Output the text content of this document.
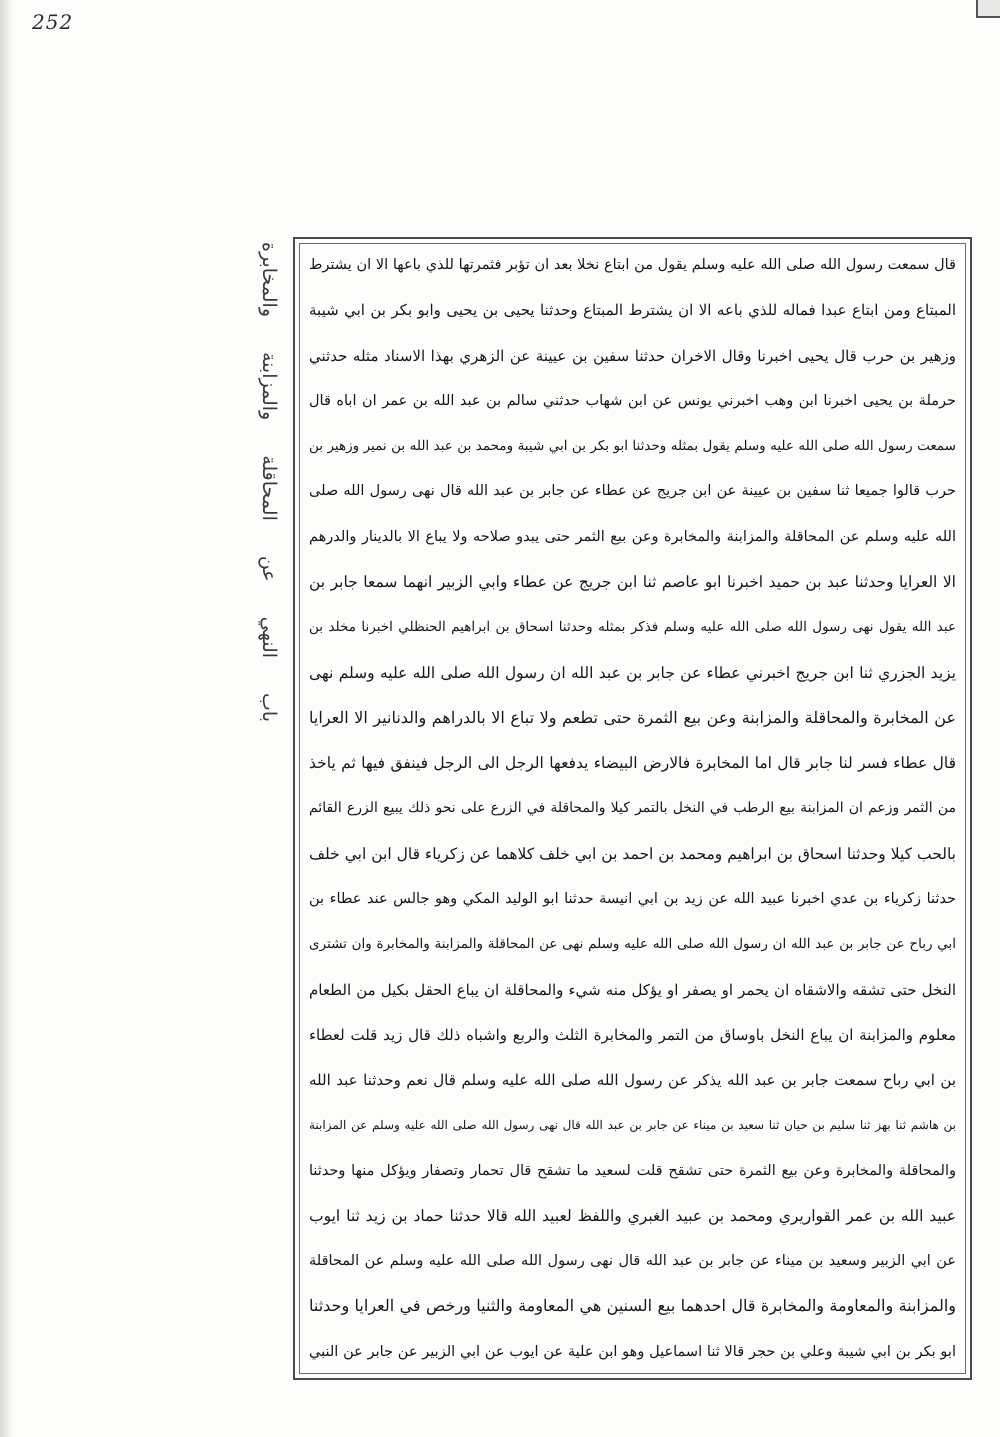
252
باب النهي عن المحاقلة والمزابنة والمخابرة قال سمعت رسول الله صلى الله عليه وسلم يقول من ابتاع نخلا بعد ان تؤبر فثمرتها للذي باعها الا ان يشترط
المبتاع ومن ابتاع عبدا فماله للذي باعه الا ان يشترط المبتاع وحدثنا يحيى بن يحيى وابو بكر بن ابي شيبة
وزهير بن حرب قال يحيى اخبرنا وقال الاخران حدثنا سفين بن عيينة عن الزهري بهذا الاسناد مثله حدثني
حرملة بن يحيى اخبرنا ابن وهب اخبرني يونس عن ابن شهاب حدثني سالم بن عبد الله بن عمر ان اباه قال
سمعت رسول الله صلى الله عليه وسلم يقول بمثله وحدثنا ابو بكر بن ابي شيبة ومحمد بن عبد الله بن نمير وزهير بن
حرب قالوا جميعا ثنا سفين بن عيينة عن ابن جريج عن عطاء عن جابر بن عبد الله قال نهى رسول الله صلى
الله عليه وسلم عن المحاقلة والمزابنة والمخابرة وعن بيع الثمر حتى يبدو صلاحه ولا يباع الا بالدينار والدرهم
الا العرايا وحدثنا عبد بن حميد اخبرنا ابو عاصم ثنا ابن جريج عن عطاء وابي الزبير انهما سمعا جابر بن
عبد الله يقول نهى رسول الله صلى الله عليه وسلم فذكر بمثله وحدثنا اسحاق بن ابراهيم الحنظلي اخبرنا مخلد بن
يزيد الجزري ثنا ابن جريج اخبرني عطاء عن جابر بن عبد الله ان رسول الله صلى الله عليه وسلم نهى
عن المخابرة والمحاقلة والمزابنة وعن بيع الثمرة حتى تطعم ولا تباع الا بالدراهم والدنانير الا العرايا
قال عطاء فسر لنا جابر قال اما المخابرة فالارض البيضاء يدفعها الرجل الى الرجل فينفق فيها ثم ياخذ
من الثمر وزعم ان المزابنة بيع الرطب في النخل بالتمر كيلا والمحاقلة في الزرع على نحو ذلك يبيع الزرع القائم
بالحب كيلا وحدثنا اسحاق بن ابراهيم ومحمد بن احمد بن ابي خلف كلاهما عن زكرياء قال ابن ابي خلف
حدثنا زكرياء بن عدي اخبرنا عبيد الله عن زيد بن ابي انيسة حدثنا ابو الوليد المكي وهو جالس عند عطاء بن
ابي رباح عن جابر بن عبد الله ان رسول الله صلى الله عليه وسلم نهى عن المحاقلة والمزابنة والمخابرة وان تشترى
النخل حتى تشقه والاشقاه ان يحمر او يصفر او يؤكل منه شيء والمحاقلة ان يباع الحقل بكيل من الطعام
معلوم والمزابنة ان يباع النخل باوساق من التمر والمخابرة الثلث والربع واشباه ذلك قال زيد قلت لعطاء
بن ابي رباح سمعت جابر بن عبد الله يذكر عن رسول الله صلى الله عليه وسلم قال نعم وحدثنا عبد الله
بن هاشم ثنا بهز ثنا سليم بن حيان ثنا سعيد بن ميناء عن جابر بن عبد الله قال نهى رسول الله صلى الله عليه وسلم عن المزابنة
والمحاقلة والمخابرة وعن بيع الثمرة حتى تشقح قلت لسعيد ما تشقح قال تحمار وتصفار ويؤكل منها وحدثنا
عبيد الله بن عمر القواريري ومحمد بن عبيد الغبري واللفظ لعبيد الله قالا حدثنا حماد بن زيد ثنا ايوب
عن ابي الزبير وسعيد بن ميناء عن جابر بن عبد الله قال نهى رسول الله صلى الله عليه وسلم عن المحاقلة
والمزابنة والمعاومة والمخابرة قال احدهما بيع السنين هي المعاومة والثنيا ورخص في العرايا وحدثنا
ابو بكر بن ابي شيبة وعلي بن حجر قالا ثنا اسماعيل وهو ابن علية عن ايوب عن ابي الزبير عن جابر عن النبي
